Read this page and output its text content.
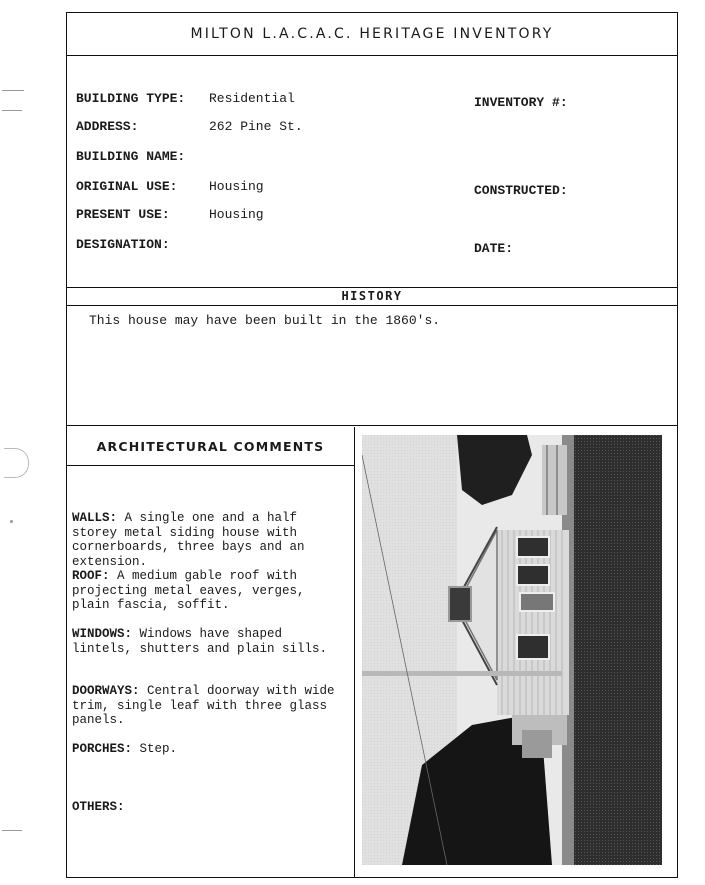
MILTON L.A.C.A.C. HERITAGE INVENTORY
BUILDING TYPE: Residential
ADDRESS:	262 Pine St.
BUILDING NAME:
ORIGINAL USE: Housing
PRESENT USE:	Housing
DESIGNATION:
INVENTORY #:
CONSTRUCTED:
DATE:
HISTORY
This house may have been built in the 1860's.
ARCHITECTURAL COMMENTS
WALLS: A single one and a half storey metal siding house with cornerboards, three bays and an extension.
ROOF: A medium gable roof with projecting metal eaves, verges, plain fascia, soffit.
WINDOWS: Windows have shaped lintels, shutters and plain sills.
DOORWAYS: Central doorway with wide trim, single leaf with three glass panels.
PORCHES: Step.
OTHERS:
